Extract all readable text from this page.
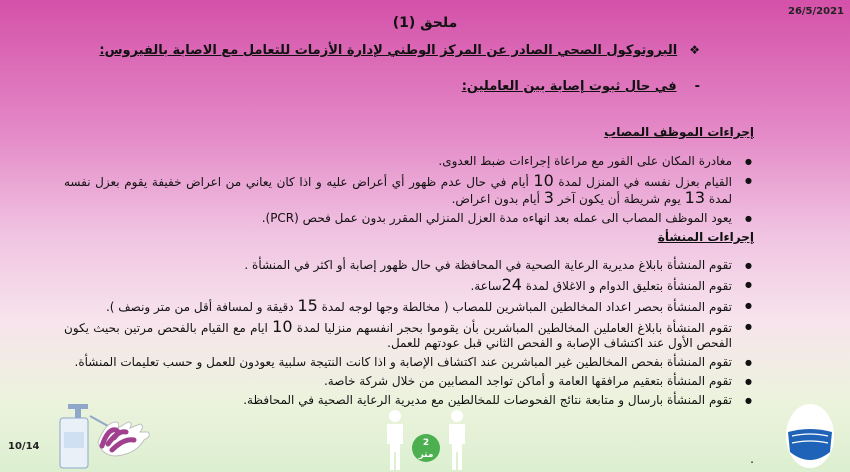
26/5/2021
ملحق (1)
❖البروتوكول الصحي الصادر عن المركز الوطني لإدارة الأزمات للتعامل مع الاصابة بالفيروس:
-في حال ثبوت إصابة بين العاملين:
إجراءات الموظف المصاب
● مغادرة المكان على الفور مع مراعاة إجراءات ضبط العدوى.
● القيام بعزل نفسه في المنزل لمدة 10 أيام في حال عدم ظهور أي أعراض عليه و اذا كان يعاني من اعراض خفيفة يقوم بعزل نفسه لمدة 13 يوم شريطة أن يكون آخر 3 أيام بدون اعراض.
● يعود الموظف المصاب الى عمله بعد انهاءه مدة العزل المنزلي المقرر بدون عمل فحص (PCR).
إجراءات المنشأة
● تقوم المنشأة بابلاغ مديرية الرعاية الصحية في المحافظة في حال ظهور إصابة أو اكثر في المنشأة .
● تقوم المنشأة بتعليق الدوام و الاغلاق لمدة 24ساعة.
● تقوم المنشأة بحصر اعداد المخالطين المباشرين للمصاب ( مخالطة وجها لوجه لمدة 15 دقيقة و لمسافة أقل من متر ونصف ).
● تقوم المنشأة بابلاغ العاملين المخالطين المباشرين بأن يقوموا بحجر انفسهم منزليا لمدة 10 ايام مع القيام بالفحص مرتين بحيث يكون الفحص الأول عند اكتشاف الإصابة و الفحص الثاني قبل عودتهم للعمل.
● تقوم المنشأة بفحص المخالطين غير المباشرين عند اكتشاف الإصابة و اذا كانت النتيجة سلبية يعودون للعمل و حسب تعليمات المنشأة.
● تقوم المنشأة بتعقيم مرافقها العامة و أماكن تواجد المصابين من خلال شركة خاصة.
● تقوم المنشأة بارسال و متابعة نتائج الفحوصات للمخالطين مع مديرية الرعاية الصحية في المحافظة.
10/14
.
2
متر
